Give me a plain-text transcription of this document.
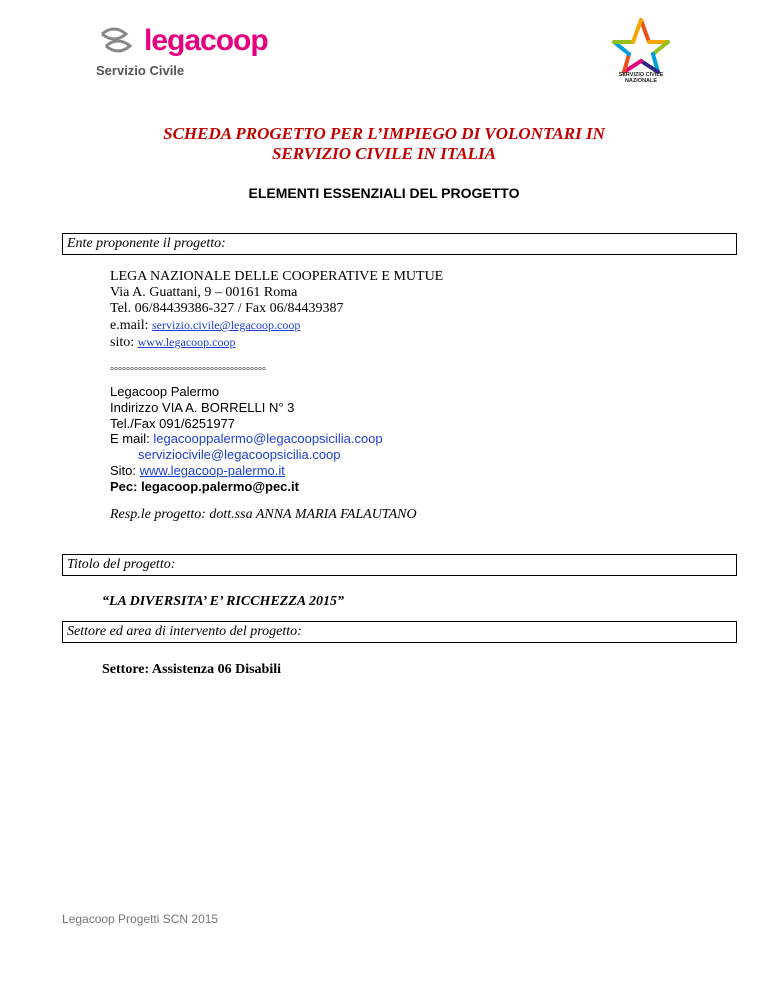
legacoop
Servizio Civile	SERVIZIO CIVILE
NAZIONALE
SCHEDA PROGETTO PER L’IMPIEGO DI VOLONTARI IN
SERVIZIO CIVILE IN ITALIA
ELEMENTI ESSENZIALI DEL PROGETTO
Ente proponente il progetto:
LEGA NAZIONALE DELLE COOPERATIVE E MUTUE
Via A. Guattani, 9 – 00161 Roma
Tel. 06/84439386-327 / Fax 06/84439387
e.mail: servizio.civile@legacoop.coop
sito: www.legacoop.coop
°°°°°°°°°°°°°°°°°°°°°°°°°°°°°°°°°°°°°°°
Legacoop Palermo
Indirizzo VIA A. BORRELLI N° 3
Tel./Fax 091/6251977
E mail: legacooppalermo@legacoopsicilia.coop
serviziocivile@legacoopsicilia.coop
Sito: www.legacoop-palermo.it
Pec: legacoop.palermo@pec.it
Resp.le progetto: dott.ssa ANNA MARIA FALAUTANO
Titolo del progetto:
“LA DIVERSITA’ E’ RICCHEZZA 2015”
Settore ed area di intervento del progetto:
Settore: Assistenza 06 Disabili
Legacoop Progetti SCN 2015
